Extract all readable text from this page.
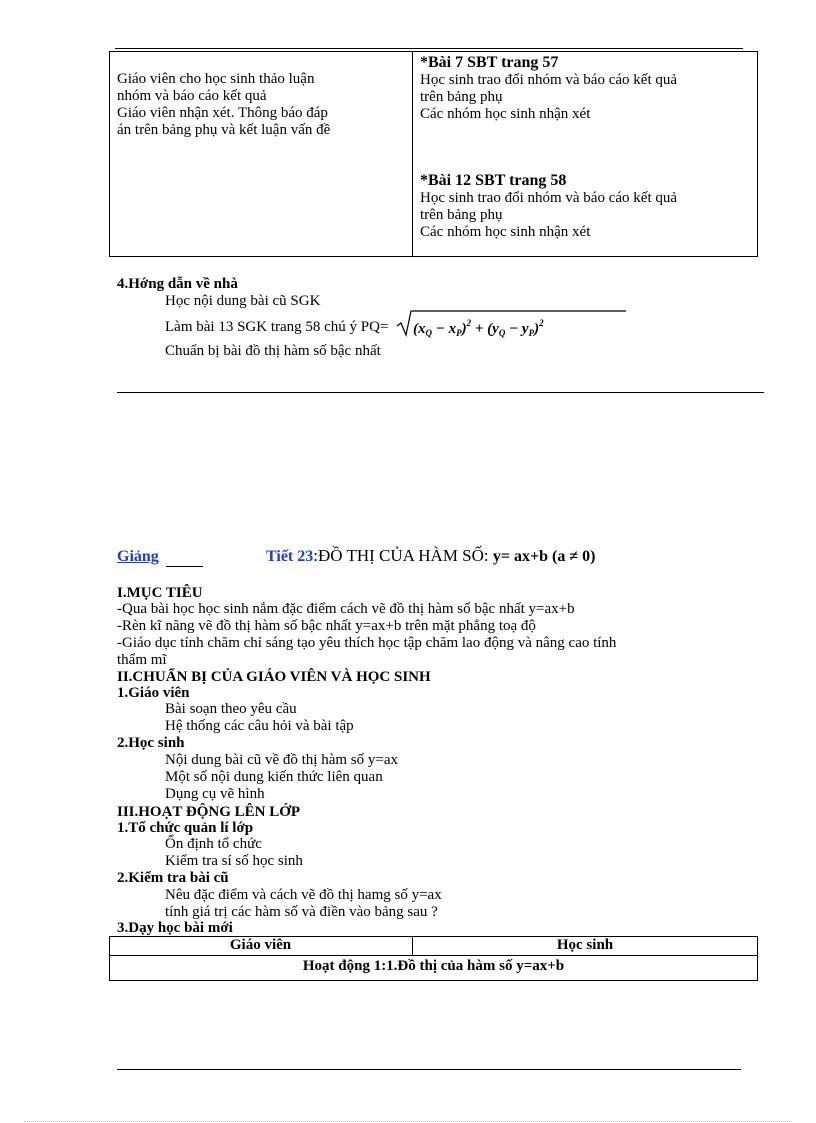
Giáo viên cho học sinh thảo luận
nhóm và báo cáo kết quả
Giáo viên nhận xét. Thông báo đáp
án trên bảng phụ và kết luận vấn đề
*Bài 7 SBT trang 57
Học sinh trao đổi nhóm và báo cáo kết quả
trên bảng phụ
Các nhóm học sinh nhận xét
*Bài 12 SBT trang 58
Học sinh trao đổi nhóm và báo cáo kết quả
trên bảng phụ
Các nhóm học sinh nhận xét
4.Hớng dẫn về nhà
Học nội dung bài cũ SGK
Làm bài 13 SGK trang 58 chú ý $PQ= (x_Q - x_P)^2 + (y_Q - y_P)^2$
Chuẩn bị bài đồ thị hàm số bậc nhất
Giảng	Tiết 23:ĐỒ THỊ CỦA HÀM SỐ: y= ax+b (a ≠ 0)
I.MỤC TIÊU
-Qua bài học học sinh nắm đặc điểm cách vẽ đồ thị hàm số bậc nhất y=ax+b
-Rèn kĩ năng vẽ đồ thị hàm số bậc nhất y=ax+b trên mặt phẳng toạ độ
-Giáo dục tính chăm chỉ sáng tạo yêu thích học tập chăm lao động và nâng cao tính
thẩm mĩ
II.CHUẨN BỊ CỦA GIÁO VIÊN VÀ HỌC SINH
1.Giáo viên
Bài soạn theo yêu cầu
Hệ thống các câu hỏi và bài tập
2.Học sinh
Nội dung bài cũ về đồ thị hàm số y=ax
Một số nội dung kiến thức liên quan
Dụng cụ vẽ hình
III.HOẠT ĐỘNG LÊN LỚP
1.Tổ chức quản lí lớp
Ổn định tổ chức
Kiểm tra sí số học sinh
2.Kiểm tra bài cũ
Nêu đặc điểm và cách vẽ đồ thị hamg số y=ax
tính giá trị các hàm số và điền vào bảng sau ?
3.Dạy học bài mới
Giáo viên	Học sinh
Hoạt động 1:1.Đồ thị của hàm số y=ax+b
